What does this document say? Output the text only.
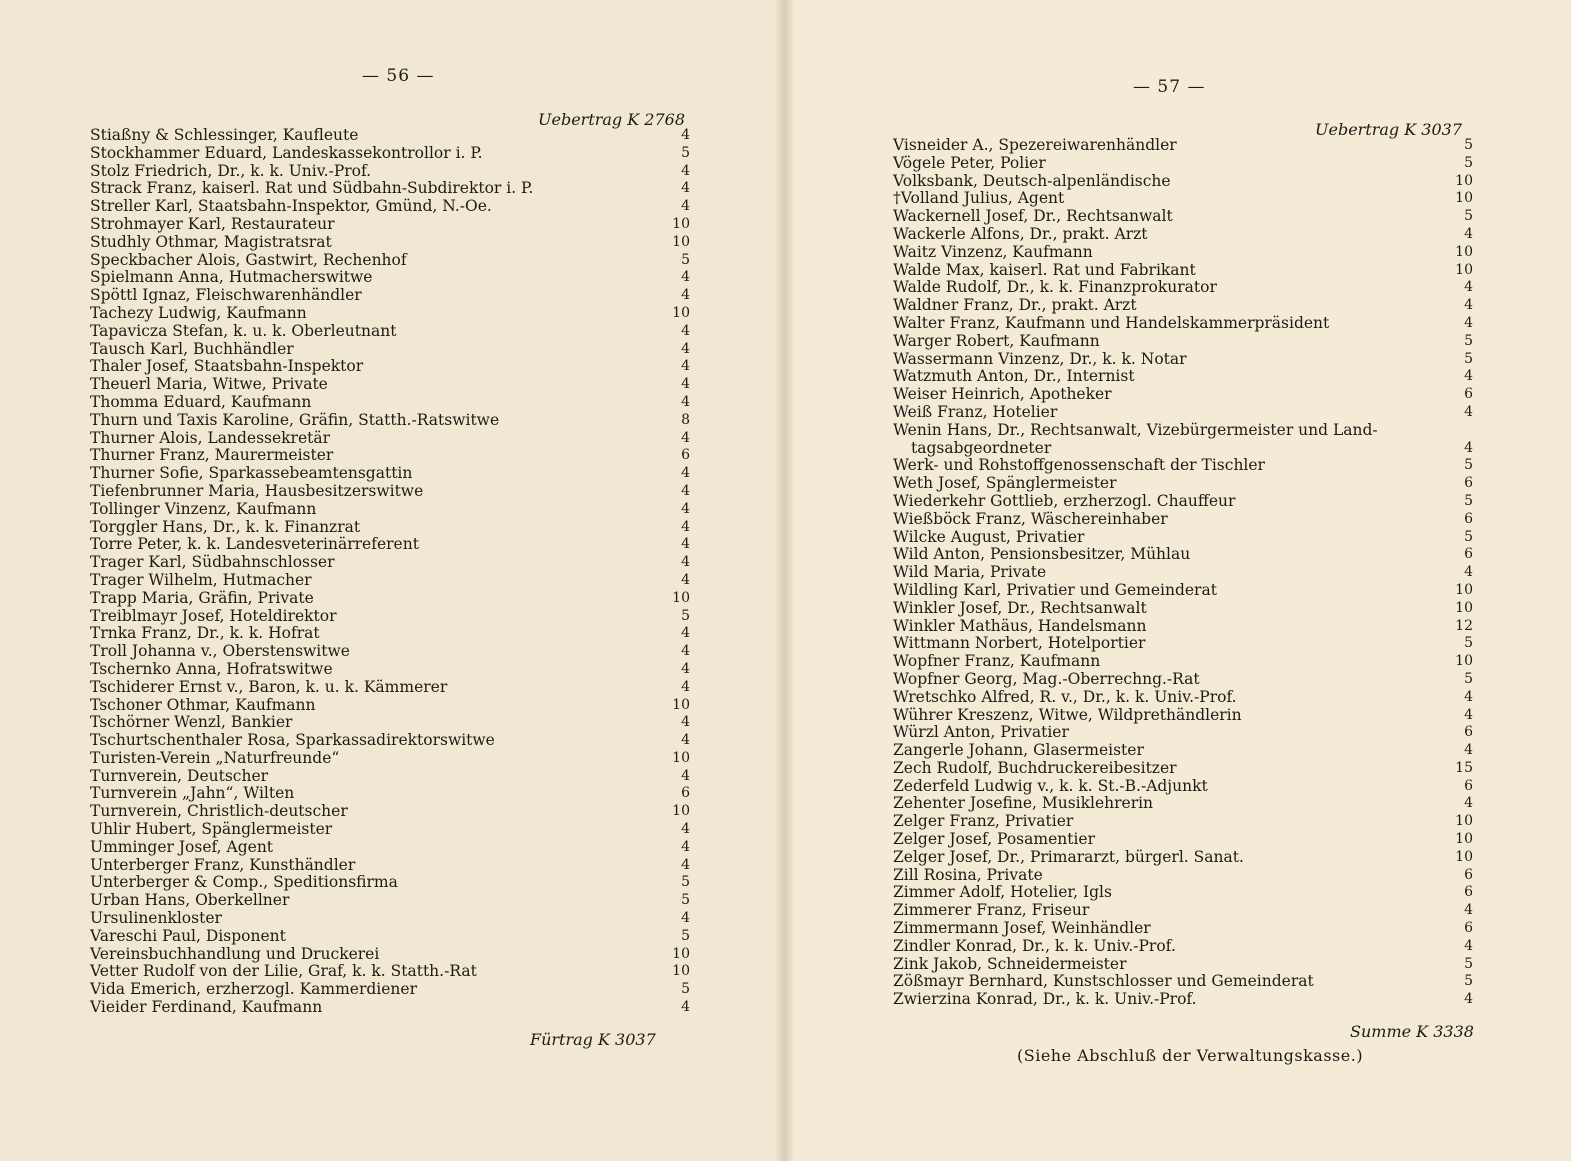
— 56 —
Uebertrag K 2768
Stiaßny & Schlessinger, Kaufleute	4
Stockhammer Eduard, Landeskassekontrollor i. P.	5
Stolz Friedrich, Dr., k. k. Univ.-Prof.	4
Strack Franz, kaiserl. Rat und Südbahn-Subdirektor i. P.	4
Streller Karl, Staatsbahn-Inspektor, Gmünd, N.-Oe.	4
Strohmayer Karl, Restaurateur	10
Studhly Othmar, Magistratsrat	10
Speckbacher Alois, Gastwirt, Rechenhof	5
Spielmann Anna, Hutmacherswitwe	4
Spöttl Ignaz, Fleischwarenhändler	4
Tachezy Ludwig, Kaufmann	10
Tapavicza Stefan, k. u. k. Oberleutnant	4
Tausch Karl, Buchhändler	4
Thaler Josef, Staatsbahn-Inspektor	4
Theuerl Maria, Witwe, Private	4
Thomma Eduard, Kaufmann	4
Thurn und Taxis Karoline, Gräfin, Statth.-Ratswitwe	8
Thurner Alois, Landessekretär	4
Thurner Franz, Maurermeister	6
Thurner Sofie, Sparkassebeamtensgattin	4
Tiefenbrunner Maria, Hausbesitzerswitwe	4
Tollinger Vinzenz, Kaufmann	4
Torggler Hans, Dr., k. k. Finanzrat	4
Torre Peter, k. k. Landesveterinärreferent	4
Trager Karl, Südbahnschlosser	4
Trager Wilhelm, Hutmacher	4
Trapp Maria, Gräfin, Private	10
Treiblmayr Josef, Hoteldirektor	5
Trnka Franz, Dr., k. k. Hofrat	4
Troll Johanna v., Oberstenswitwe	4
Tschernko Anna, Hofratswitwe	4
Tschiderer Ernst v., Baron, k. u. k. Kämmerer	4
Tschoner Othmar, Kaufmann	10
Tschörner Wenzl, Bankier	4
Tschurtschenthaler Rosa, Sparkassadirektorswitwe	4
Turisten-Verein „Naturfreunde“	10
Turnverein, Deutscher	4
Turnverein „Jahn“, Wilten	6
Turnverein, Christlich-deutscher	10
Uhlir Hubert, Spänglermeister	4
Umminger Josef, Agent	4
Unterberger Franz, Kunsthändler	4
Unterberger & Comp., Speditionsfirma	5
Urban Hans, Oberkellner	5
Ursulinenkloster	4
Vareschi Paul, Disponent	5
Vereinsbuchhandlung und Druckerei	10
Vetter Rudolf von der Lilie, Graf, k. k. Statth.-Rat	10
Vida Emerich, erzherzogl. Kammerdiener	5
Vieider Ferdinand, Kaufmann	4
Fürtrag K 3037
— 57 —
Uebertrag K 3037
Visneider A., Spezereiwarenhändler	5
Vögele Peter, Polier	5
Volksbank, Deutsch-alpenländische	10
†Volland Julius, Agent	10
Wackernell Josef, Dr., Rechtsanwalt	5
Wackerle Alfons, Dr., prakt. Arzt	4
Waitz Vinzenz, Kaufmann	10
Walde Max, kaiserl. Rat und Fabrikant	10
Walde Rudolf, Dr., k. k. Finanzprokurator	4
Waldner Franz, Dr., prakt. Arzt	4
Walter Franz, Kaufmann und Handelskammerpräsident	4
Warger Robert, Kaufmann	5
Wassermann Vinzenz, Dr., k. k. Notar	5
Watzmuth Anton, Dr., Internist	4
Weiser Heinrich, Apotheker	6
Weiß Franz, Hotelier	4
Wenin Hans, Dr., Rechtsanwalt, Vizebürgermeister und Land-
tagsabgeordneter	4
Werk- und Rohstoffgenossenschaft der Tischler	5
Weth Josef, Spänglermeister	6
Wiederkehr Gottlieb, erzherzogl. Chauffeur	5
Wießböck Franz, Wäschereinhaber	6
Wilcke August, Privatier	5
Wild Anton, Pensionsbesitzer, Mühlau	6
Wild Maria, Private	4
Wildling Karl, Privatier und Gemeinderat	10
Winkler Josef, Dr., Rechtsanwalt	10
Winkler Mathäus, Handelsmann	12
Wittmann Norbert, Hotelportier	5
Wopfner Franz, Kaufmann	10
Wopfner Georg, Mag.-Oberrechng.-Rat	5
Wretschko Alfred, R. v., Dr., k. k. Univ.-Prof.	4
Wührer Kreszenz, Witwe, Wildprethändlerin	4
Würzl Anton, Privatier	6
Zangerle Johann, Glasermeister	4
Zech Rudolf, Buchdruckereibesitzer	15
Zederfeld Ludwig v., k. k. St.-B.-Adjunkt	6
Zehenter Josefine, Musiklehrerin	4
Zelger Franz, Privatier	10
Zelger Josef, Posamentier	10
Zelger Josef, Dr., Primararzt, bürgerl. Sanat.	10
Zill Rosina, Private	6
Zimmer Adolf, Hotelier, Igls	6
Zimmerer Franz, Friseur	4
Zimmermann Josef, Weinhändler	6
Zindler Konrad, Dr., k. k. Univ.-Prof.	4
Zink Jakob, Schneidermeister	5
Zößmayr Bernhard, Kunstschlosser und Gemeinderat	5
Zwierzina Konrad, Dr., k. k. Univ.-Prof.	4
Summe K 3338
(Siehe Abschluß der Verwaltungskasse.)
